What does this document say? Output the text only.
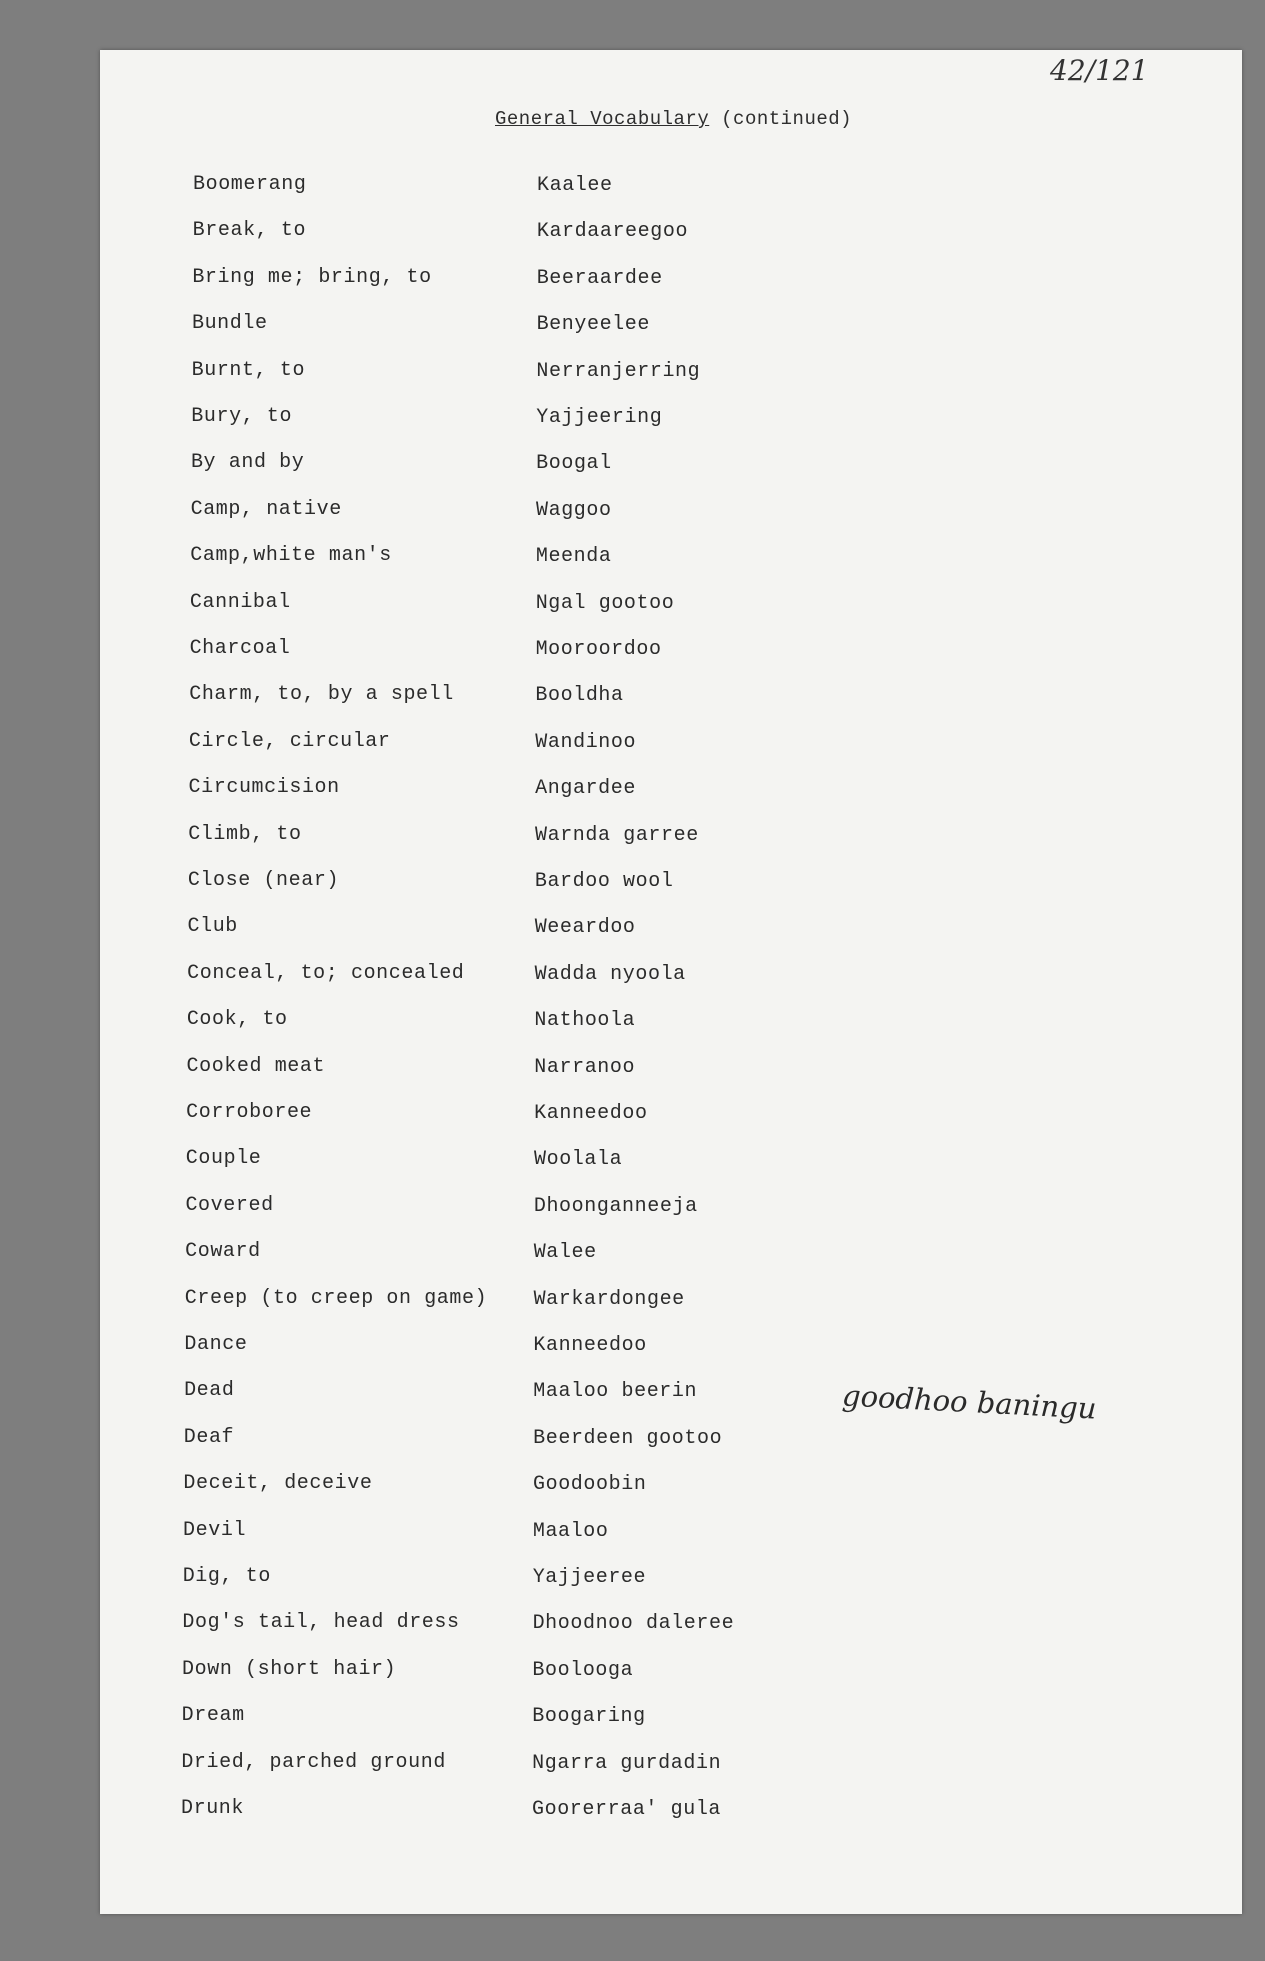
42/121
General Vocabulary (continued)
Boomerang	Kaalee
Break, to	Kardaareegoo
Bring me; bring, to	Beeraardee
Bundle	Benyeelee
Burnt, to	Nerranjerring
Bury, to	Yajjeering
By and by	Boogal
Camp, native	Waggoo
Camp,white man's	Meenda
Cannibal	Ngal gootoo
Charcoal	Mooroordoo
Charm, to, by a spell	Booldha
Circle, circular	Wandinoo
Circumcision	Angardee
Climb, to	Warnda garree
Close (near)	Bardoo wool
Club	Weeardoo
Conceal, to; concealed	Wadda nyoola
Cook, to	Nathoola
Cooked meat	Narranoo
Corroboree	Kanneedoo
Couple	Woolala
Covered	Dhoonganneeja
Coward	Walee
Creep (to creep on game) Warkardongee
Dance	Kanneedoo
Dead	Maaloo beerin
Deaf	Beerdeen gootoo
Deceit, deceive	Goodoobin
Devil	Maaloo
Dig, to	Yajjeeree
Dog's tail, head dress	Dhoodnoo daleree
Down (short hair)	Boolooga
Dream	Boogaring
Dried, parched ground	Ngarra gurdadin
Drunk	Goorerraa' gula
goodhoo baningu
